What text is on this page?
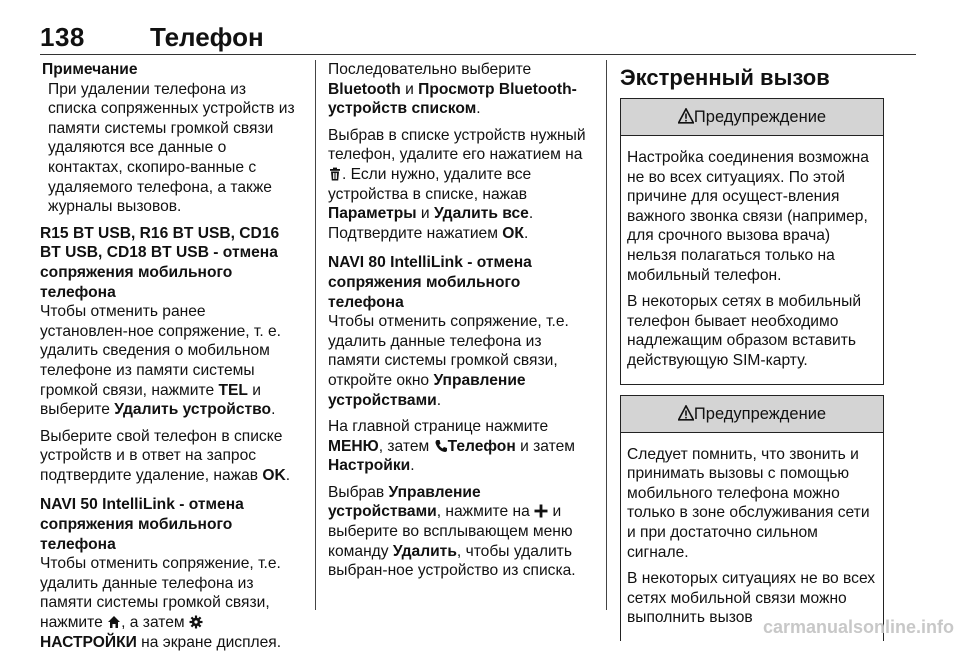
138	Телефон
Примечание

При удалении телефона из списка сопряженных устройств из памяти системы громкой связи удаляются все данные о контактах, скопиро-ванные с удаляемого телефона, а также журналы вызовов.

R15 BT USB, R16 BT USB, CD16 BT USB, CD18 BT USB - отмена сопряжения мобильного телефона

Чтобы отменить ранее установлен-ное сопряжение, т. е. удалить сведения о мобильном телефоне из памяти системы громкой связи, нажмите TEL и выберите Удалить устройство.

Выберите свой телефон в списке устройств и в ответ на запрос подтвердите удаление, нажав OK.

NAVI 50 IntelliLink - отмена сопряжения мобильного телефона

Чтобы отменить сопряжение, т.е. удалить данные телефона из памяти системы громкой связи, нажмите , а затем НАСТРОЙКИ на экране дисплея.

Последовательно выберите Bluetooth и Просмотр Bluetooth-устройств списком.

Выбрав в списке устройств нужный телефон, удалите его нажатием на . Если нужно, удалите все устройства в списке, нажав Параметры и Удалить все. Подтвердите нажатием ОК.

NAVI 80 IntelliLink - отмена сопряжения мобильного телефона

Чтобы отменить сопряжение, т.е. удалить данные телефона из памяти системы громкой связи, откройте окно Управление устройствами.

На главной странице нажмите МЕНЮ, затем Телефон и затем Настройки.

Выбрав Управление устройствами, нажмите на  и выберите во всплывающем меню команду Удалить, чтобы удалить выбран-ное устройство из списка.

Экстренный вызов
Предупреждение

Настройка соединения возможна не во всех ситуациях. По этой причине для осущест-вления важного звонка связи (например, для срочного вызова врача) нельзя полагаться только на мобильный телефон.

В некоторых сетях в мобильный телефон бывает необходимо надлежащим образом вставить действующую SIM-карту.

Предупреждение

Следует помнить, что звонить и принимать вызовы с помощью мобильного телефона можно только в зоне обслуживания сети и при достаточно сильном сигнале.

В некоторых ситуациях не во всех сетях мобильной связи можно выполнить вызов carmanualsonline.info
